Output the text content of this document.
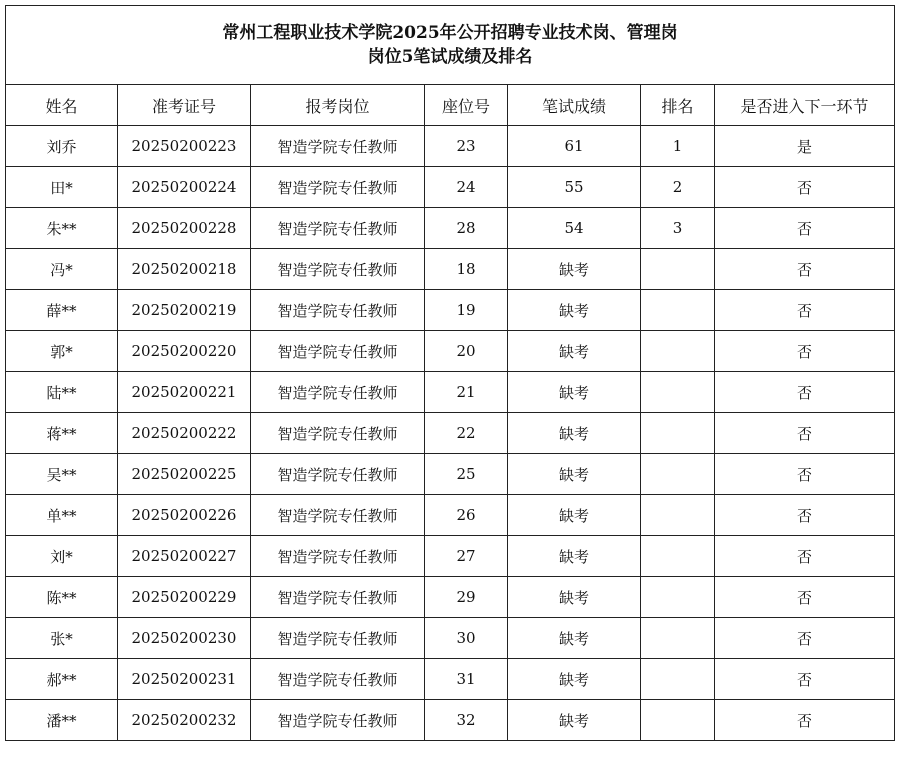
常州工程职业技术学院2025年公开招聘专业技术岗、管理岗
岗位5笔试成绩及排名						

姓名	准考证号	报考岗位	座位号	笔试成绩	排名	是否进入下一环节
刘乔	20250200223	智造学院专任教师	23	61	1	是
田*	20250200224	智造学院专任教师	24	55	2	否
朱**	20250200228	智造学院专任教师	28	54	3	否
冯*	20250200218	智造学院专任教师	18	缺考		否
薛**	20250200219	智造学院专任教师	19	缺考		否
郭*	20250200220	智造学院专任教师	20	缺考		否
陆**	20250200221	智造学院专任教师	21	缺考		否
蒋**	20250200222	智造学院专任教师	22	缺考		否
吴**	20250200225	智造学院专任教师	25	缺考		否
单**	20250200226	智造学院专任教师	26	缺考		否
刘*	20250200227	智造学院专任教师	27	缺考		否
陈**	20250200229	智造学院专任教师	29	缺考		否
张*	20250200230	智造学院专任教师	30	缺考		否
郝**	20250200231	智造学院专任教师	31	缺考		否
潘**	20250200232	智造学院专任教师	32	缺考		否
